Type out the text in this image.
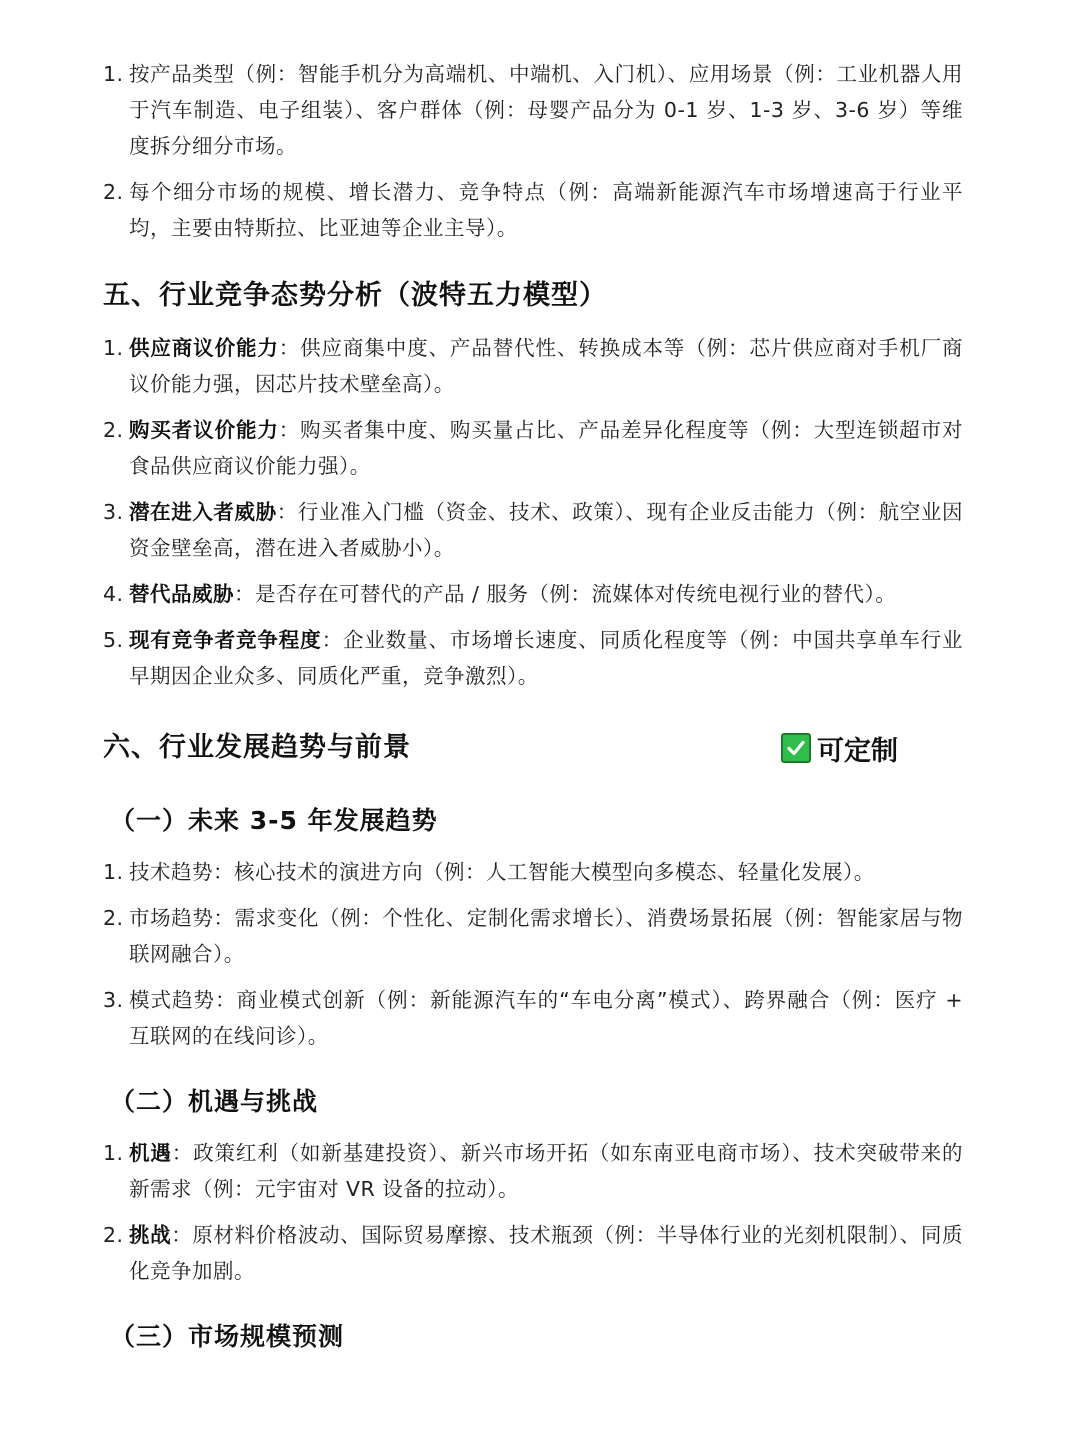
1. 按产品类型（例：智能手机分为高端机、中端机、入门机）、应用场景（例：工业机器人用于汽车制造、电子组装）、客户群体（例：母婴产品分为 0-1 岁、1-3 岁、3-6 岁）等维度拆分细分市场。
2. 每个细分市场的规模、增长潜力、竞争特点（例：高端新能源汽车市场增速高于行业平均，主要由特斯拉、比亚迪等企业主导）。
五、行业竞争态势分析（波特五力模型）
1. 供应商议价能力：供应商集中度、产品替代性、转换成本等（例：芯片供应商对手机厂商议价能力强，因芯片技术壁垒高）。
2. 购买者议价能力：购买者集中度、购买量占比、产品差异化程度等（例：大型连锁超市对食品供应商议价能力强）。
3. 潜在进入者威胁：行业准入门槛（资金、技术、政策）、现有企业反击能力（例：航空业因资金壁垒高，潜在进入者威胁小）。
4. 替代品威胁：是否存在可替代的产品 / 服务（例：流媒体对传统电视行业的替代）。
5. 现有竞争者竞争程度：企业数量、市场增长速度、同质化程度等（例：中国共享单车行业早期因企业众多、同质化严重，竞争激烈）。
六、行业发展趋势与前景	可定制
（一）未来 3-5 年发展趋势
1. 技术趋势：核心技术的演进方向（例：人工智能大模型向多模态、轻量化发展）。
2. 市场趋势：需求变化（例：个性化、定制化需求增长）、消费场景拓展（例：智能家居与物联网融合）。
3. 模式趋势：商业模式创新（例：新能源汽车的“车电分离”模式）、跨界融合（例：医疗 + 互联网的在线问诊）。
（二）机遇与挑战
1. 机遇：政策红利（如新基建投资）、新兴市场开拓（如东南亚电商市场）、技术突破带来的新需求（例：元宇宙对 VR 设备的拉动）。
2. 挑战：原材料价格波动、国际贸易摩擦、技术瓶颈（例：半导体行业的光刻机限制）、同质化竞争加剧。
（三）市场规模预测
